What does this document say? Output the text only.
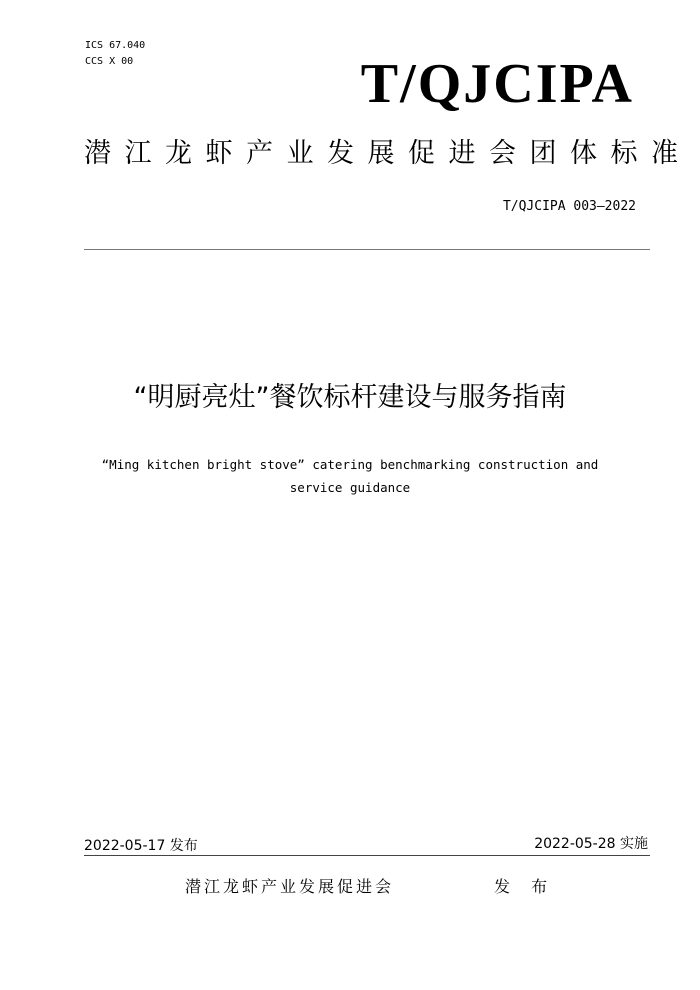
ICS 67.040
CCS X 00	T/QJCIPA
潜江龙虾产业发展促进会团体标准
T/QJCIPA 003—2022
“明厨亮灶”餐饮标杆建设与服务指南
“Ming kitchen bright stove” catering benchmarking construction and
service guidance
2022-05-17 发布	2022-05-28 实施
潜江龙虾产业发展促进会	发 布
